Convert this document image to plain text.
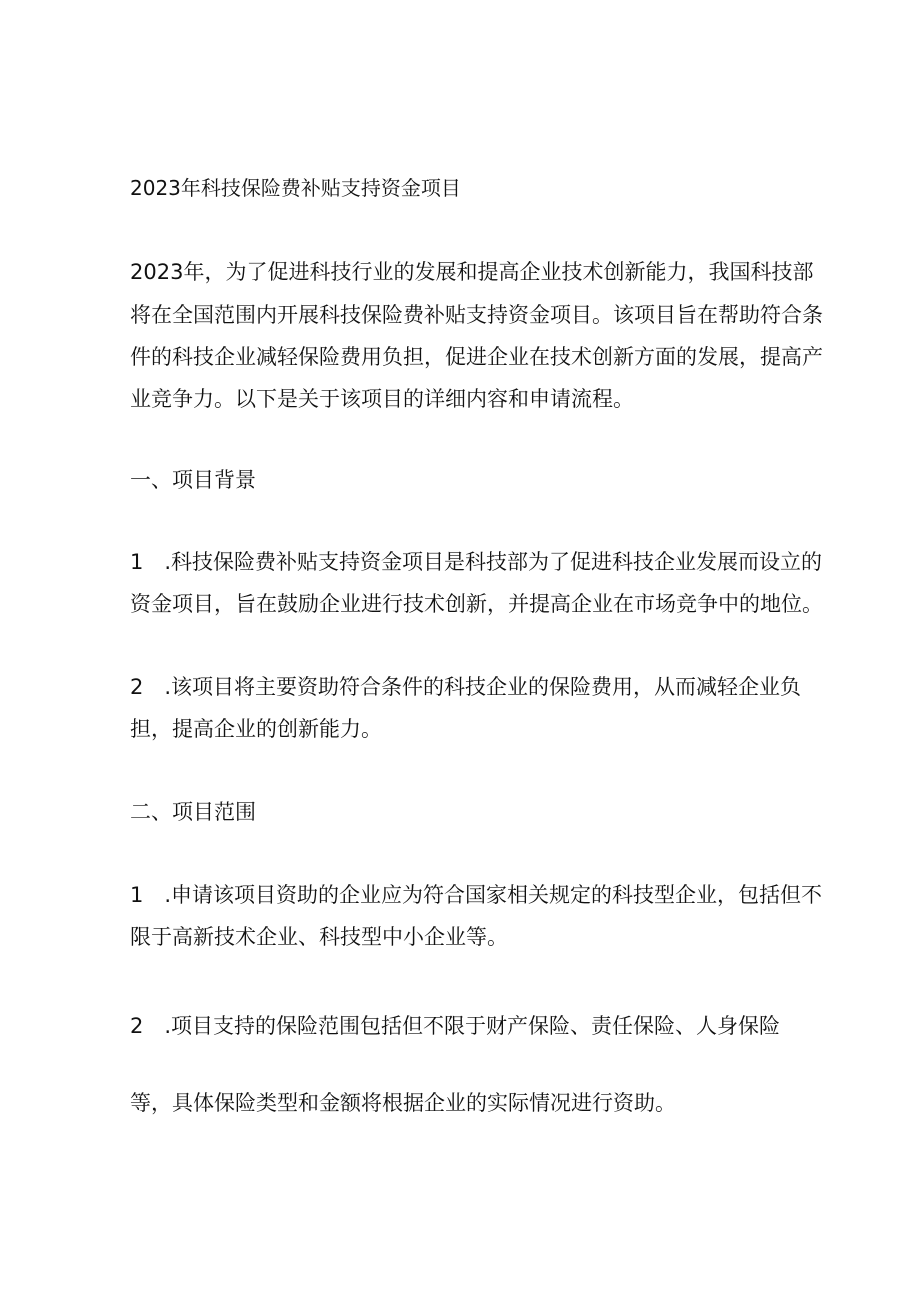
2023年科技保险费补贴支持资金项目
2023年，为了促进科技行业的发展和提高企业技术创新能力，我国科技部
将在全国范围内开展科技保险费补贴支持资金项目。该项目旨在帮助符合条
件的科技企业减轻保险费用负担，促进企业在技术创新方面的发展，提高产
业竞争力。以下是关于该项目的详细内容和申请流程。
一、项目背景
1　.科技保险费补贴支持资金项目是科技部为了促进科技企业发展而设立的
资金项目，旨在鼓励企业进行技术创新，并提高企业在市场竞争中的地位。
2　.该项目将主要资助符合条件的科技企业的保险费用，从而减轻企业负
担，提高企业的创新能力。
二、项目范围
1　.申请该项目资助的企业应为符合国家相关规定的科技型企业，包括但不
限于高新技术企业、科技型中小企业等。
2　.项目支持的保险范围包括但不限于财产保险、责任保险、人身保险
等，具体保险类型和金额将根据企业的实际情况进行资助。
